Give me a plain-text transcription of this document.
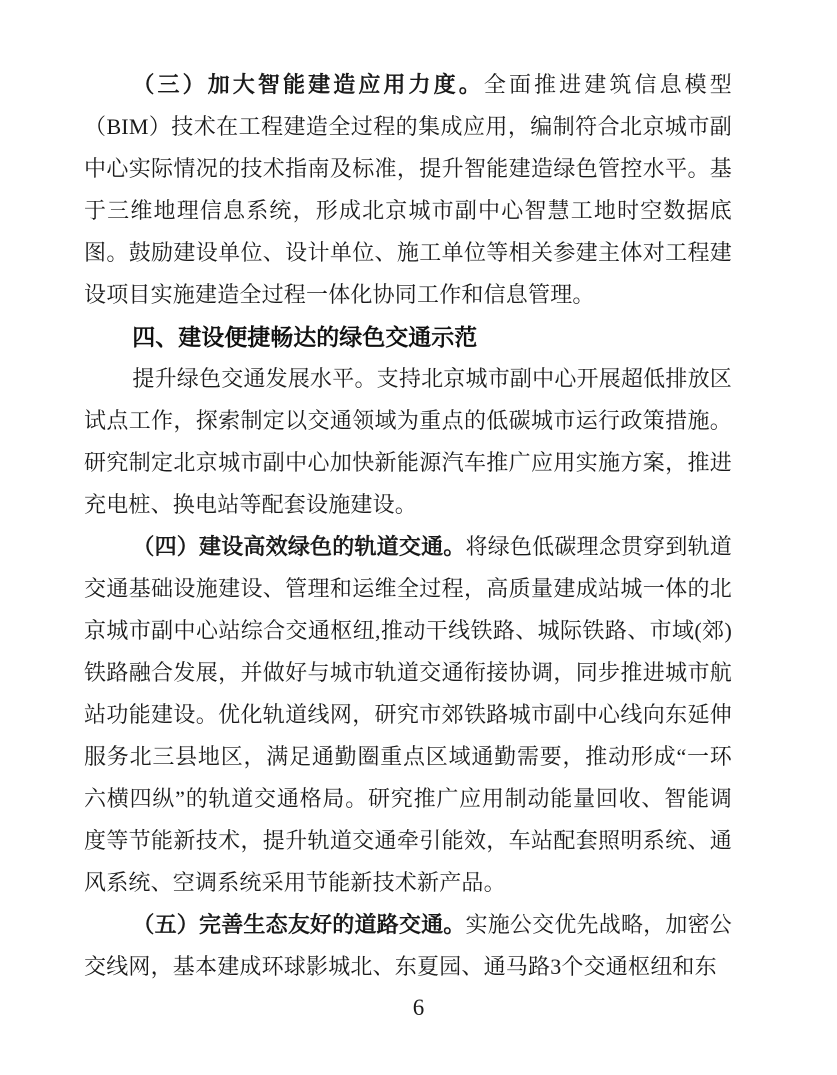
（三）加大智能建造应用力度。全面推进建筑信息模型（BIM）技术在工程建造全过程的集成应用，编制符合北京城市副中心实际情况的技术指南及标准，提升智能建造绿色管控水平。基于三维地理信息系统，形成北京城市副中心智慧工地时空数据底图。鼓励建设单位、设计单位、施工单位等相关参建主体对工程建设项目实施建造全过程一体化协同工作和信息管理。

四、建设便捷畅达的绿色交通示范

提升绿色交通发展水平。支持北京城市副中心开展超低排放区试点工作，探索制定以交通领域为重点的低碳城市运行政策措施。研究制定北京城市副中心加快新能源汽车推广应用实施方案，推进充电桩、换电站等配套设施建设。

（四）建设高效绿色的轨道交通。将绿色低碳理念贯穿到轨道交通基础设施建设、管理和运维全过程，高质量建成站城一体的北京城市副中心站综合交通枢纽,推动干线铁路、城际铁路、市域(郊)铁路融合发展，并做好与城市轨道交通衔接协调，同步推进城市航站功能建设。优化轨道线网，研究市郊铁路城市副中心线向东延伸服务北三县地区，满足通勤圈重点区域通勤需要，推动形成“一环六横四纵”的轨道交通格局。研究推广应用制动能量回收、智能调度等节能新技术，提升轨道交通牵引能效，车站配套照明系统、通风系统、空调系统采用节能新技术新产品。

（五）完善生态友好的道路交通。实施公交优先战略，加密公交线网，基本建成环球影城北、东夏园、通马路3个交通枢纽和东

6
